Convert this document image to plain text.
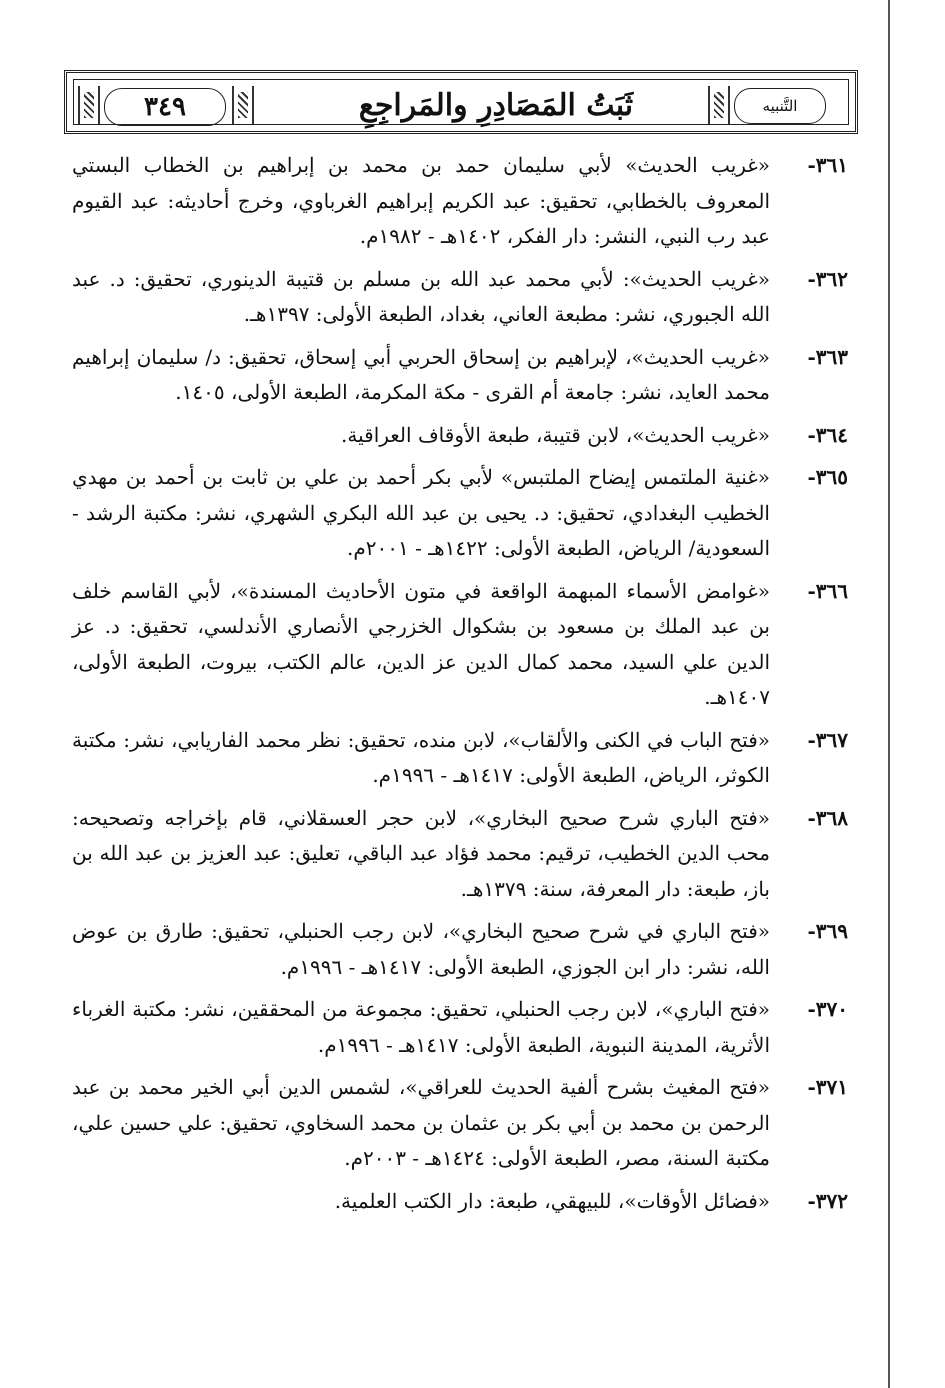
٣٤٩	ثَبَتُ المَصَادِرِ والمَراجِعِ	التَّنبيه
٣٦١-
«غريب الحديث» لأبي سليمان حمد بن محمد بن إبراهيم بن الخطاب البستي المعروف بالخطابي، تحقيق: عبد الكريم إبراهيم الغرباوي، وخرج أحاديثه: عبد القيوم عبد رب النبي، النشر: دار الفكر، ١٤٠٢هـ - ١٩٨٢م.
٣٦٢-
«غريب الحديث»: لأبي محمد عبد الله بن مسلم بن قتيبة الدينوري، تحقيق: د. عبد الله الجبوري، نشر: مطبعة العاني، بغداد، الطبعة الأولى: ١٣٩٧هـ.
٣٦٣-
«غريب الحديث»، لإبراهيم بن إسحاق الحربي أبي إسحاق، تحقيق: د/ سليمان إبراهيم محمد العايد، نشر: جامعة أم القرى - مكة المكرمة، الطبعة الأولى، ١٤٠٥.
٣٦٤-
«غريب الحديث»، لابن قتيبة، طبعة الأوقاف العراقية.
٣٦٥-
«غنية الملتمس إيضاح الملتبس» لأبي بكر أحمد بن علي بن ثابت بن أحمد بن مهدي الخطيب البغدادي، تحقيق: د. يحيى بن عبد الله البكري الشهري، نشر: مكتبة الرشد - السعودية/ الرياض، الطبعة الأولى: ١٤٢٢هـ - ٢٠٠١م.
٣٦٦-
«غوامض الأسماء المبهمة الواقعة في متون الأحاديث المسندة»، لأبي القاسم خلف بن عبد الملك بن مسعود بن بشكوال الخزرجي الأنصاري الأندلسي، تحقيق: د. عز الدين علي السيد، محمد كمال الدين عز الدين، عالم الكتب، بيروت، الطبعة الأولى، ١٤٠٧هـ.
٣٦٧-
«فتح الباب في الكنى والألقاب»، لابن منده، تحقيق: نظر محمد الفاريابي، نشر: مكتبة الكوثر، الرياض، الطبعة الأولى: ١٤١٧هـ - ١٩٩٦م.
٣٦٨-
«فتح الباري شرح صحيح البخاري»، لابن حجر العسقلاني، قام بإخراجه وتصحيحه: محب الدين الخطيب، ترقيم: محمد فؤاد عبد الباقي، تعليق: عبد العزيز بن عبد الله بن باز، طبعة: دار المعرفة، سنة: ١٣٧٩هـ.
٣٦٩-
«فتح الباري في شرح صحيح البخاري»، لابن رجب الحنبلي، تحقيق: طارق بن عوض الله، نشر: دار ابن الجوزي، الطبعة الأولى: ١٤١٧هـ - ١٩٩٦م.
٣٧٠-
«فتح الباري»، لابن رجب الحنبلي، تحقيق: مجموعة من المحققين، نشر: مكتبة الغرباء الأثرية، المدينة النبوية، الطبعة الأولى: ١٤١٧هـ - ١٩٩٦م.
٣٧١-
«فتح المغيث بشرح ألفية الحديث للعراقي»، لشمس الدين أبي الخير محمد بن عبد الرحمن بن محمد بن أبي بكر بن عثمان بن محمد السخاوي، تحقيق: علي حسين علي، مكتبة السنة، مصر، الطبعة الأولى: ١٤٢٤هـ - ٢٠٠٣م.
٣٧٢-
«فضائل الأوقات»، للبيهقي، طبعة: دار الكتب العلمية.
